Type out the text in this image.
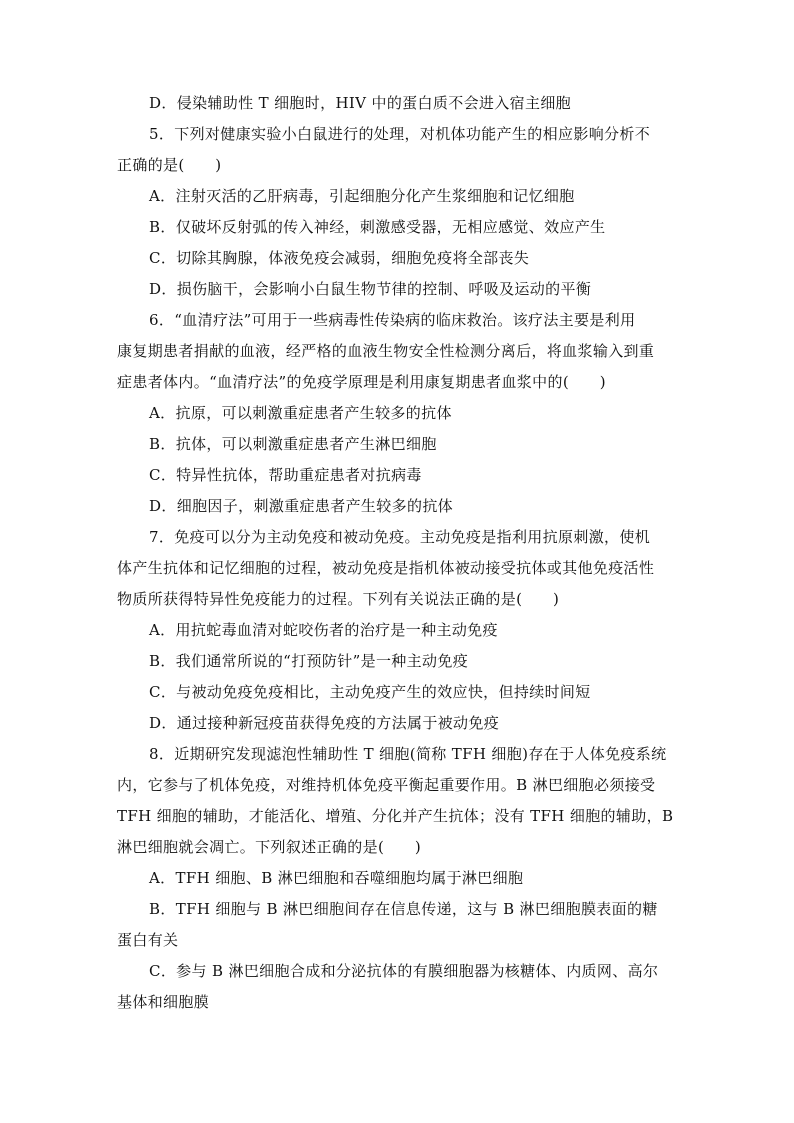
D．侵染辅助性 T 细胞时，HIV 中的蛋白质不会进入宿主细胞
5．下列对健康实验小白鼠进行的处理，对机体功能产生的相应影响分析不
正确的是(　　)
A．注射灭活的乙肝病毒，引起细胞分化产生浆细胞和记忆细胞
B．仅破坏反射弧的传入神经，刺激感受器，无相应感觉、效应产生
C．切除其胸腺，体液免疫会减弱，细胞免疫将全部丧失
D．损伤脑干，会影响小白鼠生物节律的控制、呼吸及运动的平衡
6．“血清疗法”可用于一些病毒性传染病的临床救治。该疗法主要是利用
康复期患者捐献的血液，经严格的血液生物安全性检测分离后，将血浆输入到重
症患者体内。“血清疗法”的免疫学原理是利用康复期患者血浆中的(　　)
A．抗原，可以刺激重症患者产生较多的抗体
B．抗体，可以刺激重症患者产生淋巴细胞
C．特异性抗体，帮助重症患者对抗病毒
D．细胞因子，刺激重症患者产生较多的抗体
7．免疫可以分为主动免疫和被动免疫。主动免疫是指利用抗原刺激，使机
体产生抗体和记忆细胞的过程，被动免疫是指机体被动接受抗体或其他免疫活性
物质所获得特异性免疫能力的过程。下列有关说法正确的是(　　)
A．用抗蛇毒血清对蛇咬伤者的治疗是一种主动免疫
B．我们通常所说的“打预防针”是一种主动免疫
C．与被动免疫免疫相比，主动免疫产生的效应快，但持续时间短
D．通过接种新冠疫苗获得免疫的方法属于被动免疫
8．近期研究发现滤泡性辅助性 T 细胞(简称 TFH 细胞)存在于人体免疫系统
内，它参与了机体免疫，对维持机体免疫平衡起重要作用。B 淋巴细胞必须接受
TFH 细胞的辅助，才能活化、增殖、分化并产生抗体；没有 TFH 细胞的辅助，B
淋巴细胞就会凋亡。下列叙述正确的是(　　)
A．TFH 细胞、B 淋巴细胞和吞噬细胞均属于淋巴细胞
B．TFH 细胞与 B 淋巴细胞间存在信息传递，这与 B 淋巴细胞膜表面的糖
蛋白有关
C．参与 B 淋巴细胞合成和分泌抗体的有膜细胞器为核糖体、内质网、高尔
基体和细胞膜
